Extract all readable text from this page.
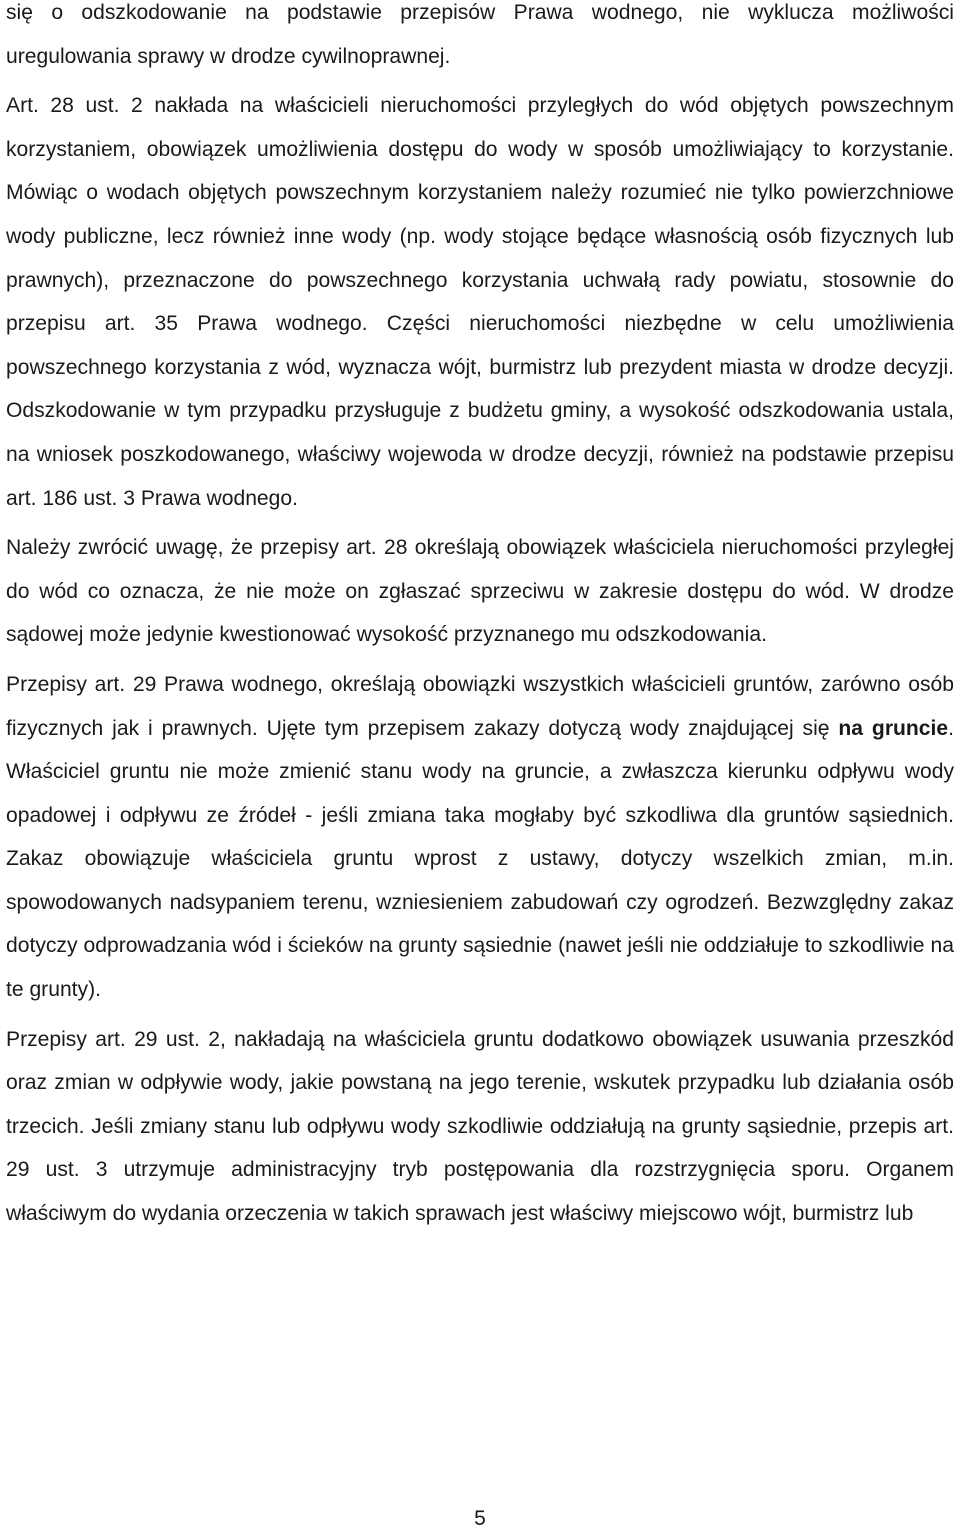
się o odszkodowanie na podstawie przepisów Prawa wodnego, nie wyklucza możliwości uregulowania sprawy w drodze cywilnoprawnej.

Art. 28 ust. 2 nakłada na właścicieli nieruchomości przyległych do wód objętych powszechnym korzystaniem, obowiązek umożliwienia dostępu do wody w sposób umożliwiający to korzystanie. Mówiąc o wodach objętych powszechnym korzystaniem należy rozumieć nie tylko powierzchniowe wody publiczne, lecz również inne wody (np. wody stojące będące własnością osób fizycznych lub prawnych), przeznaczone do powszechnego korzystania uchwałą rady powiatu, stosownie do przepisu art. 35 Prawa wodnego. Części nieruchomości niezbędne w celu umożliwienia powszechnego korzystania z wód, wyznacza wójt, burmistrz lub prezydent miasta w drodze decyzji. Odszkodowanie w tym przypadku przysługuje z budżetu gminy, a wysokość odszkodowania ustala, na wniosek poszkodowanego, właściwy wojewoda w drodze decyzji, również na podstawie przepisu art. 186 ust. 3 Prawa wodnego.

Należy zwrócić uwagę, że przepisy art. 28 określają obowiązek właściciela nieruchomości przyległej do wód co oznacza, że nie może on zgłaszać sprzeciwu w zakresie dostępu do wód. W drodze sądowej może jedynie kwestionować wysokość przyznanego mu odszkodowania.

Przepisy art. 29 Prawa wodnego, określają obowiązki wszystkich właścicieli gruntów, zarówno osób fizycznych jak i prawnych. Ujęte tym przepisem zakazy dotyczą wody znajdującej się na gruncie. Właściciel gruntu nie może zmienić stanu wody na gruncie, a zwłaszcza kierunku odpływu wody opadowej i odpływu ze źródeł - jeśli zmiana taka mogłaby być szkodliwa dla gruntów sąsiednich. Zakaz obowiązuje właściciela gruntu wprost z ustawy, dotyczy wszelkich zmian, m.in. spowodowanych nadsypaniem terenu, wzniesieniem zabudowań czy ogrodzeń. Bezwzględny zakaz dotyczy odprowadzania wód i ścieków na grunty sąsiednie (nawet jeśli nie oddziałuje to szkodliwie na te grunty).

Przepisy art. 29 ust. 2, nakładają na właściciela gruntu dodatkowo obowiązek usuwania przeszkód oraz zmian w odpływie wody, jakie powstaną na jego terenie, wskutek przypadku lub działania osób trzecich. Jeśli zmiany stanu lub odpływu wody szkodliwie oddziałują na grunty sąsiednie, przepis art. 29 ust. 3 utrzymuje administracyjny tryb postępowania dla rozstrzygnięcia sporu. Organem właściwym do wydania orzeczenia w takich sprawach jest właściwy miejscowo wójt, burmistrz lub

5
